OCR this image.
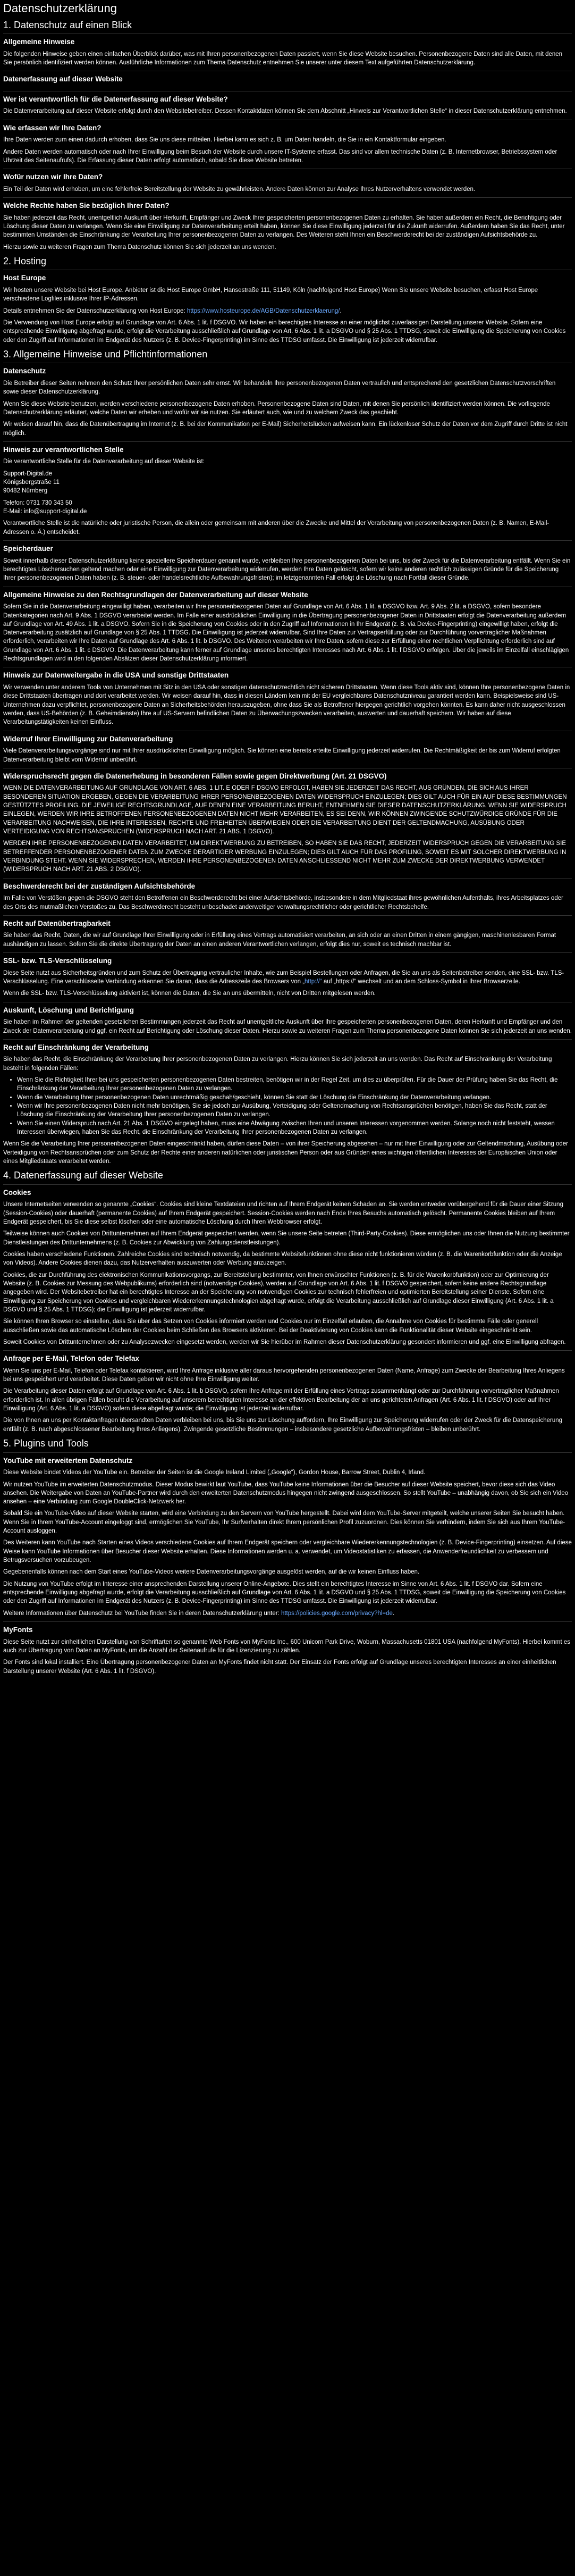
Datenschutzerklärung
1. Datenschutz auf einen Blick
Allgemeine Hinweise

Die folgenden Hinweise geben einen einfachen Überblick darüber, was mit Ihren personenbezogenen Daten passiert, wenn Sie diese Website besuchen. Personenbezogene Daten sind alle Daten, mit denen Sie persönlich identifiziert werden können. Ausführliche Informationen zum Thema Datenschutz entnehmen Sie unserer unter diesem Text aufgeführten Datenschutzerklärung.

Datenerfassung auf dieser Website
Wer ist verantwortlich für die Datenerfassung auf dieser Website?

Die Datenverarbeitung auf dieser Website erfolgt durch den Websitebetreiber. Dessen Kontaktdaten können Sie dem Abschnitt „Hinweis zur Verantwortlichen Stelle“ in dieser Datenschutzerklärung entnehmen.

Wie erfassen wir Ihre Daten?

Ihre Daten werden zum einen dadurch erhoben, dass Sie uns diese mitteilen. Hierbei kann es sich z. B. um Daten handeln, die Sie in ein Kontaktformular eingeben.

Andere Daten werden automatisch oder nach Ihrer Einwilligung beim Besuch der Website durch unsere IT-Systeme erfasst. Das sind vor allem technische Daten (z. B. Internetbrowser, Betriebssystem oder Uhrzeit des Seitenaufrufs). Die Erfassung dieser Daten erfolgt automatisch, sobald Sie diese Website betreten.

Wofür nutzen wir Ihre Daten?

Ein Teil der Daten wird erhoben, um eine fehlerfreie Bereitstellung der Website zu gewährleisten. Andere Daten können zur Analyse Ihres Nutzerverhaltens verwendet werden.

Welche Rechte haben Sie bezüglich Ihrer Daten?

Sie haben jederzeit das Recht, unentgeltlich Auskunft über Herkunft, Empfänger und Zweck Ihrer gespeicherten personenbezogenen Daten zu erhalten. Sie haben außerdem ein Recht, die Berichtigung oder Löschung dieser Daten zu verlangen. Wenn Sie eine Einwilligung zur Datenverarbeitung erteilt haben, können Sie diese Einwilligung jederzeit für die Zukunft widerrufen. Außerdem haben Sie das Recht, unter bestimmten Umständen die Einschränkung der Verarbeitung Ihrer personenbezogenen Daten zu verlangen. Des Weiteren steht Ihnen ein Beschwerderecht bei der zuständigen Aufsichtsbehörde zu.

Hierzu sowie zu weiteren Fragen zum Thema Datenschutz können Sie sich jederzeit an uns wenden.

2. Hosting
Host Europe

Wir hosten unsere Website bei Host Europe. Anbieter ist die Host Europe GmbH, Hansestraße 111, 51149, Köln (nachfolgend Host Europe) Wenn Sie unsere Website besuchen, erfasst Host Europe verschiedene Logfiles inklusive Ihrer IP-Adressen.

Details entnehmen Sie der Datenschutzerklärung von Host Europe: https://www.hosteurope.de/AGB/Datenschutzerklaerung/.

Die Verwendung von Host Europe erfolgt auf Grundlage von Art. 6 Abs. 1 lit. f DSGVO. Wir haben ein berechtigtes Interesse an einer möglichst zuverlässigen Darstellung unserer Website. Sofern eine entsprechende Einwilligung abgefragt wurde, erfolgt die Verarbeitung ausschließlich auf Grundlage von Art. 6 Abs. 1 lit. a DSGVO und § 25 Abs. 1 TTDSG, soweit die Einwilligung die Speicherung von Cookies oder den Zugriff auf Informationen im Endgerät des Nutzers (z. B. Device-Fingerprinting) im Sinne des TTDSG umfasst. Die Einwilligung ist jederzeit widerrufbar.

3. Allgemeine Hinweise und Pflichtinformationen
Datenschutz

Die Betreiber dieser Seiten nehmen den Schutz Ihrer persönlichen Daten sehr ernst. Wir behandeln Ihre personenbezogenen Daten vertraulich und entsprechend den gesetzlichen Datenschutzvorschriften sowie dieser Datenschutzerklärung.

Wenn Sie diese Website benutzen, werden verschiedene personenbezogene Daten erhoben. Personenbezogene Daten sind Daten, mit denen Sie persönlich identifiziert werden können. Die vorliegende Datenschutzerklärung erläutert, welche Daten wir erheben und wofür wir sie nutzen. Sie erläutert auch, wie und zu welchem Zweck das geschieht.

Wir weisen darauf hin, dass die Datenübertragung im Internet (z. B. bei der Kommunikation per E-Mail) Sicherheitslücken aufweisen kann. Ein lückenloser Schutz der Daten vor dem Zugriff durch Dritte ist nicht möglich.

Hinweis zur verantwortlichen Stelle

Die verantwortliche Stelle für die Datenverarbeitung auf dieser Website ist:

Support-Digital.de
Königsbergstraße 11
90482 Nürnberg

Telefon: 0731 730 343 50
E-Mail: info@support-digital.de

Verantwortliche Stelle ist die natürliche oder juristische Person, die allein oder gemeinsam mit anderen über die Zwecke und Mittel der Verarbeitung von personenbezogenen Daten (z. B. Namen, E-Mail-Adressen o. Ä.) entscheidet.

Speicherdauer

Soweit innerhalb dieser Datenschutzerklärung keine speziellere Speicherdauer genannt wurde, verbleiben Ihre personenbezogenen Daten bei uns, bis der Zweck für die Datenverarbeitung entfällt. Wenn Sie ein berechtigtes Löschersuchen geltend machen oder eine Einwilligung zur Datenverarbeitung widerrufen, werden Ihre Daten gelöscht, sofern wir keine anderen rechtlich zulässigen Gründe für die Speicherung Ihrer personenbezogenen Daten haben (z. B. steuer- oder handelsrechtliche Aufbewahrungsfristen); im letztgenannten Fall erfolgt die Löschung nach Fortfall dieser Gründe.

Allgemeine Hinweise zu den Rechtsgrundlagen der Datenverarbeitung auf dieser Website

Sofern Sie in die Datenverarbeitung eingewilligt haben, verarbeiten wir Ihre personenbezogenen Daten auf Grundlage von Art. 6 Abs. 1 lit. a DSGVO bzw. Art. 9 Abs. 2 lit. a DSGVO, sofern besondere Datenkategorien nach Art. 9 Abs. 1 DSGVO verarbeitet werden. Im Falle einer ausdrücklichen Einwilligung in die Übertragung personenbezogener Daten in Drittstaaten erfolgt die Datenverarbeitung außerdem auf Grundlage von Art. 49 Abs. 1 lit. a DSGVO. Sofern Sie in die Speicherung von Cookies oder in den Zugriff auf Informationen in Ihr Endgerät (z. B. via Device-Fingerprinting) eingewilligt haben, erfolgt die Datenverarbeitung zusätzlich auf Grundlage von § 25 Abs. 1 TTDSG. Die Einwilligung ist jederzeit widerrufbar. Sind Ihre Daten zur Vertragserfüllung oder zur Durchführung vorvertraglicher Maßnahmen erforderlich, verarbeiten wir Ihre Daten auf Grundlage des Art. 6 Abs. 1 lit. b DSGVO. Des Weiteren verarbeiten wir Ihre Daten, sofern diese zur Erfüllung einer rechtlichen Verpflichtung erforderlich sind auf Grundlage von Art. 6 Abs. 1 lit. c DSGVO. Die Datenverarbeitung kann ferner auf Grundlage unseres berechtigten Interesses nach Art. 6 Abs. 1 lit. f DSGVO erfolgen. Über die jeweils im Einzelfall einschlägigen Rechtsgrundlagen wird in den folgenden Absätzen dieser Datenschutzerklärung informiert.

Hinweis zur Datenweitergabe in die USA und sonstige Drittstaaten

Wir verwenden unter anderem Tools von Unternehmen mit Sitz in den USA oder sonstigen datenschutzrechtlich nicht sicheren Drittstaaten. Wenn diese Tools aktiv sind, können Ihre personenbezogene Daten in diese Drittstaaten übertragen und dort verarbeitet werden. Wir weisen darauf hin, dass in diesen Ländern kein mit der EU vergleichbares Datenschutzniveau garantiert werden kann. Beispielsweise sind US-Unternehmen dazu verpflichtet, personenbezogene Daten an Sicherheitsbehörden herauszugeben, ohne dass Sie als Betroffener hiergegen gerichtlich vorgehen könnten. Es kann daher nicht ausgeschlossen werden, dass US-Behörden (z. B. Geheimdienste) Ihre auf US-Servern befindlichen Daten zu Überwachungszwecken verarbeiten, auswerten und dauerhaft speichern. Wir haben auf diese Verarbeitungstätigkeiten keinen Einfluss.

Widerruf Ihrer Einwilligung zur Datenverarbeitung

Viele Datenverarbeitungsvorgänge sind nur mit Ihrer ausdrücklichen Einwilligung möglich. Sie können eine bereits erteilte Einwilligung jederzeit widerrufen. Die Rechtmäßigkeit der bis zum Widerruf erfolgten Datenverarbeitung bleibt vom Widerruf unberührt.

Widerspruchsrecht gegen die Datenerhebung in besonderen Fällen sowie gegen Direktwerbung (Art. 21 DSGVO)

WENN DIE DATENVERARBEITUNG AUF GRUNDLAGE VON ART. 6 ABS. 1 LIT. E ODER F DSGVO ERFOLGT, HABEN SIE JEDERZEIT DAS RECHT, AUS GRÜNDEN, DIE SICH AUS IHRER BESONDEREN SITUATION ERGEBEN, GEGEN DIE VERARBEITUNG IHRER PERSONENBEZOGENEN DATEN WIDERSPRUCH EINZULEGEN; DIES GILT AUCH FÜR EIN AUF DIESE BESTIMMUNGEN GESTÜTZTES PROFILING. DIE JEWEILIGE RECHTSGRUNDLAGE, AUF DENEN EINE VERARBEITUNG BERUHT, ENTNEHMEN SIE DIESER DATENSCHUTZERKLÄRUNG. WENN SIE WIDERSPRUCH EINLEGEN, WERDEN WIR IHRE BETROFFENEN PERSONENBEZOGENEN DATEN NICHT MEHR VERARBEITEN, ES SEI DENN, WIR KÖNNEN ZWINGENDE SCHUTZWÜRDIGE GRÜNDE FÜR DIE VERARBEITUNG NACHWEISEN, DIE IHRE INTERESSEN, RECHTE UND FREIHEITEN ÜBERWIEGEN ODER DIE VERARBEITUNG DIENT DER GELTENDMACHUNG, AUSÜBUNG ODER VERTEIDIGUNG VON RECHTSANSPRÜCHEN (WIDERSPRUCH NACH ART. 21 ABS. 1 DSGVO).

WERDEN IHRE PERSONENBEZOGENEN DATEN VERARBEITET, UM DIREKTWERBUNG ZU BETREIBEN, SO HABEN SIE DAS RECHT, JEDERZEIT WIDERSPRUCH GEGEN DIE VERARBEITUNG SIE BETREFFENDER PERSONENBEZOGENER DATEN ZUM ZWECKE DERARTIGER WERBUNG EINZULEGEN; DIES GILT AUCH FÜR DAS PROFILING, SOWEIT ES MIT SOLCHER DIREKTWERBUNG IN VERBINDUNG STEHT. WENN SIE WIDERSPRECHEN, WERDEN IHRE PERSONENBEZOGENEN DATEN ANSCHLIESSEND NICHT MEHR ZUM ZWECKE DER DIREKTWERBUNG VERWENDET (WIDERSPRUCH NACH ART. 21 ABS. 2 DSGVO).

Beschwerderecht bei der zuständigen Aufsichtsbehörde

Im Falle von Verstößen gegen die DSGVO steht den Betroffenen ein Beschwerderecht bei einer Aufsichtsbehörde, insbesondere in dem Mitgliedstaat ihres gewöhnlichen Aufenthalts, ihres Arbeitsplatzes oder des Orts des mutmaßlichen Verstoßes zu. Das Beschwerderecht besteht unbeschadet anderweitiger verwaltungsrechtlicher oder gerichtlicher Rechtsbehelfe.

Recht auf Datenübertragbarkeit

Sie haben das Recht, Daten, die wir auf Grundlage Ihrer Einwilligung oder in Erfüllung eines Vertrags automatisiert verarbeiten, an sich oder an einen Dritten in einem gängigen, maschinenlesbaren Format aushändigen zu lassen. Sofern Sie die direkte Übertragung der Daten an einen anderen Verantwortlichen verlangen, erfolgt dies nur, soweit es technisch machbar ist.

SSL- bzw. TLS-Verschlüsselung

Diese Seite nutzt aus Sicherheitsgründen und zum Schutz der Übertragung vertraulicher Inhalte, wie zum Beispiel Bestellungen oder Anfragen, die Sie an uns als Seitenbetreiber senden, eine SSL- bzw. TLS-Verschlüsselung. Eine verschlüsselte Verbindung erkennen Sie daran, dass die Adresszeile des Browsers von „http://“ auf „https://“ wechselt und an dem Schloss-Symbol in Ihrer Browserzeile.

Wenn die SSL- bzw. TLS-Verschlüsselung aktiviert ist, können die Daten, die Sie an uns übermitteln, nicht von Dritten mitgelesen werden.

Auskunft, Löschung und Berichtigung

Sie haben im Rahmen der geltenden gesetzlichen Bestimmungen jederzeit das Recht auf unentgeltliche Auskunft über Ihre gespeicherten personenbezogenen Daten, deren Herkunft und Empfänger und den Zweck der Datenverarbeitung und ggf. ein Recht auf Berichtigung oder Löschung dieser Daten. Hierzu sowie zu weiteren Fragen zum Thema personenbezogene Daten können Sie sich jederzeit an uns wenden.

Recht auf Einschränkung der Verarbeitung

Sie haben das Recht, die Einschränkung der Verarbeitung Ihrer personenbezogenen Daten zu verlangen. Hierzu können Sie sich jederzeit an uns wenden. Das Recht auf Einschränkung der Verarbeitung besteht in folgenden Fällen:

• Wenn Sie die Richtigkeit Ihrer bei uns gespeicherten personenbezogenen Daten bestreiten, benötigen wir in der Regel Zeit, um dies zu überprüfen. Für die Dauer der Prüfung haben Sie das Recht, die Einschränkung der Verarbeitung Ihrer personenbezogenen Daten zu verlangen.
• Wenn die Verarbeitung Ihrer personenbezogenen Daten unrechtmäßig geschah/geschieht, können Sie statt der Löschung die Einschränkung der Datenverarbeitung verlangen.
• Wenn wir Ihre personenbezogenen Daten nicht mehr benötigen, Sie sie jedoch zur Ausübung, Verteidigung oder Geltendmachung von Rechtsansprüchen benötigen, haben Sie das Recht, statt der Löschung die Einschränkung der Verarbeitung Ihrer personenbezogenen Daten zu verlangen.
• Wenn Sie einen Widerspruch nach Art. 21 Abs. 1 DSGVO eingelegt haben, muss eine Abwägung zwischen Ihren und unseren Interessen vorgenommen werden. Solange noch nicht feststeht, wessen Interessen überwiegen, haben Sie das Recht, die Einschränkung der Verarbeitung Ihrer personenbezogenen Daten zu verlangen.

Wenn Sie die Verarbeitung Ihrer personenbezogenen Daten eingeschränkt haben, dürfen diese Daten – von ihrer Speicherung abgesehen – nur mit Ihrer Einwilligung oder zur Geltendmachung, Ausübung oder Verteidigung von Rechtsansprüchen oder zum Schutz der Rechte einer anderen natürlichen oder juristischen Person oder aus Gründen eines wichtigen öffentlichen Interesses der Europäischen Union oder eines Mitgliedstaats verarbeitet werden.

4. Datenerfassung auf dieser Website
Cookies

Unsere Internetseiten verwenden so genannte „Cookies“. Cookies sind kleine Textdateien und richten auf Ihrem Endgerät keinen Schaden an. Sie werden entweder vorübergehend für die Dauer einer Sitzung (Session-Cookies) oder dauerhaft (permanente Cookies) auf Ihrem Endgerät gespeichert. Session-Cookies werden nach Ende Ihres Besuchs automatisch gelöscht. Permanente Cookies bleiben auf Ihrem Endgerät gespeichert, bis Sie diese selbst löschen oder eine automatische Löschung durch Ihren Webbrowser erfolgt.

Teilweise können auch Cookies von Drittunternehmen auf Ihrem Endgerät gespeichert werden, wenn Sie unsere Seite betreten (Third-Party-Cookies). Diese ermöglichen uns oder Ihnen die Nutzung bestimmter Dienstleistungen des Drittunternehmens (z. B. Cookies zur Abwicklung von Zahlungsdienstleistungen).

Cookies haben verschiedene Funktionen. Zahlreiche Cookies sind technisch notwendig, da bestimmte Websitefunktionen ohne diese nicht funktionieren würden (z. B. die Warenkorbfunktion oder die Anzeige von Videos). Andere Cookies dienen dazu, das Nutzerverhalten auszuwerten oder Werbung anzuzeigen.

Cookies, die zur Durchführung des elektronischen Kommunikationsvorgangs, zur Bereitstellung bestimmter, von Ihnen erwünschter Funktionen (z. B. für die Warenkorbfunktion) oder zur Optimierung der Website (z. B. Cookies zur Messung des Webpublikums) erforderlich sind (notwendige Cookies), werden auf Grundlage von Art. 6 Abs. 1 lit. f DSGVO gespeichert, sofern keine andere Rechtsgrundlage angegeben wird. Der Websitebetreiber hat ein berechtigtes Interesse an der Speicherung von notwendigen Cookies zur technisch fehlerfreien und optimierten Bereitstellung seiner Dienste. Sofern eine Einwilligung zur Speicherung von Cookies und vergleichbaren Wiedererkennungstechnologien abgefragt wurde, erfolgt die Verarbeitung ausschließlich auf Grundlage dieser Einwilligung (Art. 6 Abs. 1 lit. a DSGVO und § 25 Abs. 1 TTDSG); die Einwilligung ist jederzeit widerrufbar.

Sie können Ihren Browser so einstellen, dass Sie über das Setzen von Cookies informiert werden und Cookies nur im Einzelfall erlauben, die Annahme von Cookies für bestimmte Fälle oder generell ausschließen sowie das automatische Löschen der Cookies beim Schließen des Browsers aktivieren. Bei der Deaktivierung von Cookies kann die Funktionalität dieser Website eingeschränkt sein.

Soweit Cookies von Drittunternehmen oder zu Analysezwecken eingesetzt werden, werden wir Sie hierüber im Rahmen dieser Datenschutzerklärung gesondert informieren und ggf. eine Einwilligung abfragen.

Anfrage per E-Mail, Telefon oder Telefax

Wenn Sie uns per E-Mail, Telefon oder Telefax kontaktieren, wird Ihre Anfrage inklusive aller daraus hervorgehenden personenbezogenen Daten (Name, Anfrage) zum Zwecke der Bearbeitung Ihres Anliegens bei uns gespeichert und verarbeitet. Diese Daten geben wir nicht ohne Ihre Einwilligung weiter.

Die Verarbeitung dieser Daten erfolgt auf Grundlage von Art. 6 Abs. 1 lit. b DSGVO, sofern Ihre Anfrage mit der Erfüllung eines Vertrags zusammenhängt oder zur Durchführung vorvertraglicher Maßnahmen erforderlich ist. In allen übrigen Fällen beruht die Verarbeitung auf unserem berechtigten Interesse an der effektiven Bearbeitung der an uns gerichteten Anfragen (Art. 6 Abs. 1 lit. f DSGVO) oder auf Ihrer Einwilligung (Art. 6 Abs. 1 lit. a DSGVO) sofern diese abgefragt wurde; die Einwilligung ist jederzeit widerrufbar.

Die von Ihnen an uns per Kontaktanfragen übersandten Daten verbleiben bei uns, bis Sie uns zur Löschung auffordern, Ihre Einwilligung zur Speicherung widerrufen oder der Zweck für die Datenspeicherung entfällt (z. B. nach abgeschlossener Bearbeitung Ihres Anliegens). Zwingende gesetzliche Bestimmungen – insbesondere gesetzliche Aufbewahrungsfristen – bleiben unberührt.

5. Plugins und Tools
YouTube mit erweitertem Datenschutz

Diese Website bindet Videos der YouTube ein. Betreiber der Seiten ist die Google Ireland Limited („Google“), Gordon House, Barrow Street, Dublin 4, Irland.

Wir nutzen YouTube im erweiterten Datenschutzmodus. Dieser Modus bewirkt laut YouTube, dass YouTube keine Informationen über die Besucher auf dieser Website speichert, bevor diese sich das Video ansehen. Die Weitergabe von Daten an YouTube-Partner wird durch den erweiterten Datenschutzmodus hingegen nicht zwingend ausgeschlossen. So stellt YouTube – unabhängig davon, ob Sie sich ein Video ansehen – eine Verbindung zum Google DoubleClick-Netzwerk her.

Sobald Sie ein YouTube-Video auf dieser Website starten, wird eine Verbindung zu den Servern von YouTube hergestellt. Dabei wird dem YouTube-Server mitgeteilt, welche unserer Seiten Sie besucht haben. Wenn Sie in Ihrem YouTube-Account eingeloggt sind, ermöglichen Sie YouTube, Ihr Surfverhalten direkt Ihrem persönlichen Profil zuzuordnen. Dies können Sie verhindern, indem Sie sich aus Ihrem YouTube-Account ausloggen.

Des Weiteren kann YouTube nach Starten eines Videos verschiedene Cookies auf Ihrem Endgerät speichern oder vergleichbare Wiedererkennungstechnologien (z. B. Device-Fingerprinting) einsetzen. Auf diese Weise kann YouTube Informationen über Besucher dieser Website erhalten. Diese Informationen werden u. a. verwendet, um Videostatistiken zu erfassen, die Anwenderfreundlichkeit zu verbessern und Betrugsversuchen vorzubeugen.

Gegebenenfalls können nach dem Start eines YouTube-Videos weitere Datenverarbeitungsvorgänge ausgelöst werden, auf die wir keinen Einfluss haben.

Die Nutzung von YouTube erfolgt im Interesse einer ansprechenden Darstellung unserer Online-Angebote. Dies stellt ein berechtigtes Interesse im Sinne von Art. 6 Abs. 1 lit. f DSGVO dar. Sofern eine entsprechende Einwilligung abgefragt wurde, erfolgt die Verarbeitung ausschließlich auf Grundlage von Art. 6 Abs. 1 lit. a DSGVO und § 25 Abs. 1 TTDSG, soweit die Einwilligung die Speicherung von Cookies oder den Zugriff auf Informationen im Endgerät des Nutzers (z. B. Device-Fingerprinting) im Sinne des TTDSG umfasst. Die Einwilligung ist jederzeit widerrufbar.

Weitere Informationen über Datenschutz bei YouTube finden Sie in deren Datenschutzerklärung unter: https://policies.google.com/privacy?hl=de.

MyFonts

Diese Seite nutzt zur einheitlichen Darstellung von Schriftarten so genannte Web Fonts von MyFonts Inc., 600 Unicorn Park Drive, Woburn, Massachusetts 01801 USA (nachfolgend MyFonts). Hierbei kommt es auch zur Übertragung von Daten an MyFonts, um die Anzahl der Seitenaufrufe für die Lizenzierung zu zählen.

Der Fonts sind lokal installiert. Eine Übertragung personenbezogener Daten an MyFonts findet nicht statt. Der Einsatz der Fonts erfolgt auf Grundlage unseres berechtigten Interesses an einer einheitlichen Darstellung unserer Website (Art. 6 Abs. 1 lit. f DSGVO).
